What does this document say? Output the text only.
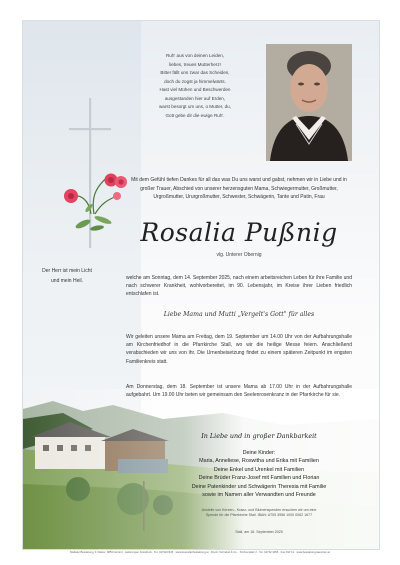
Ruh' aus von deinen Leiden,
liebes, treues Mutterherz!
Bitter fällt uns zwar das Scheiden,
doch du zogst ja himmelwärts.
Hast viel Mühen und Beschwerden
ausgestanden hier auf Erden,
warst besorgt um uns, o Mutter, du,
Gott gebe dir die ewige Ruh'.
Mit dem Gefühl tiefen Dankes für all das was Du uns warst und gabst, nehmen wir in Liebe und in großer Trauer, Abschied von unserer herzensguten Mama, Schwiegermutter, Großmutter, Urgroßmutter, Ururgroßmutter, Schwester, Schwägerin, Tante und Patin, Frau
Rosalia Pußnig
vlg. Unterer Obernig
welche am Sonntag, dem 14. September 2025, nach einem arbeitsreichen Leben für ihre Familie und nach schwerer Krankheit, wohlvorbereitet, im 90. Lebensjahr, im Kreise ihrer Lieben friedlich entschlafen ist.
Liebe Mama und Mutti „Vergelt's Gott" für alles
Wir geleiten unsere Mama am Freitag, dem 19. September um 14.00 Uhr von der Aufbahrungshalle am Kirchenfriedhof in die Pfarrkirche Stall, wo wir die heilige Messe feiern. Anschließend verabschieden wir uns von ihr. Die Urnenbeisetzung findet zu einem späteren Zeitpunkt im engsten Familienkreis statt.
Am Donnerstag, dem 18. September ist unsere Mama ab 17.00 Uhr in der Aufbahrungshalle aufgebahrt. Um 19.00 Uhr beten wir gemeinsam den Seelenrosenkranz in der Pfarrkirche für sie.
Der Herr ist mein Licht
und mein Heil.
In Liebe und in großer Dankbarkeit
Deine Kinder:
Maria, Anneliese, Roswitha und Erika mit Familien
Deine Enkel und Urenkel mit Familien
Deine Brüder Franz-Josef mit Familien und Florian
Deine Patenkinder und Schwägerin Theresia mit Familie
sowie im Namen aller Verwandten und Freunde
Anstelle von Kerzen-, Kranz- und Blumenspenden ersuchen wir um eine
Spende für die Pfarrkirche Stall. IBAN: AT05 3956 1000 0062 1677
Stall, am 16. September 2025
Maltaler Bestattung, F. Rainer, 9853 Gmünd · Lieferungen Fotodruck · Tel. 04732/2345 · www.kuenstlerbestattung.at · Druck: Schrabel & Co. · Kirchenplatz 2 · Tel. 04732 3456 · Fax DW 12 · www.bestattung-kaernten.at
